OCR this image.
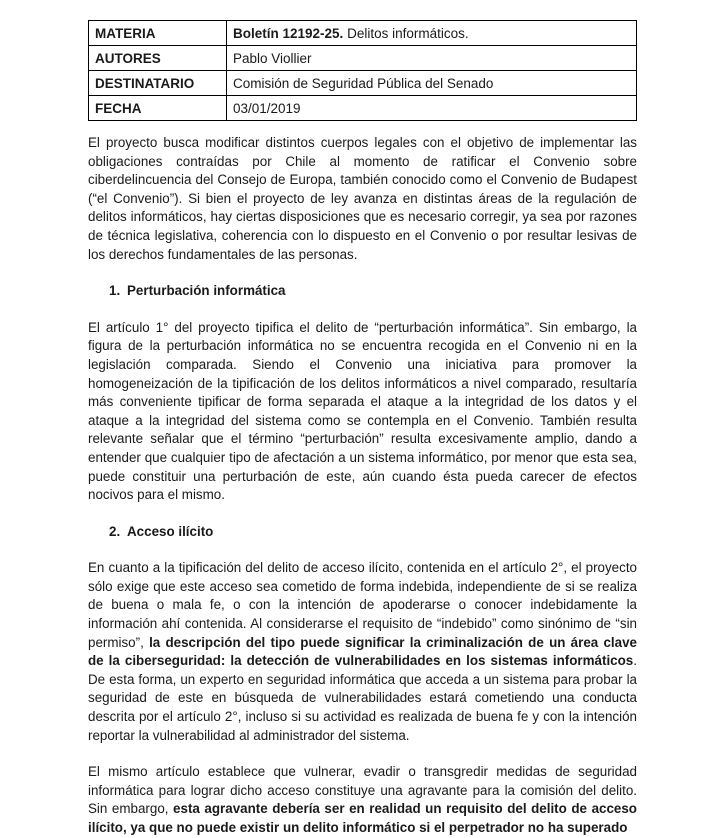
MATERIA	Boletín 12192-25. Delitos informáticos.
AUTORES	Pablo Viollier
DESTINATARIO	Comisión de Seguridad Pública del Senado
FECHA	03/01/2019

El proyecto busca modificar distintos cuerpos legales con el objetivo de implementar las obligaciones contraídas por Chile al momento de ratificar el Convenio sobre ciberdelincuencia del Consejo de Europa, también conocido como el Convenio de Budapest (“el Convenio”). Si bien el proyecto de ley avanza en distintas áreas de la regulación de delitos informáticos, hay ciertas disposiciones que es necesario corregir, ya sea por razones de técnica legislativa, coherencia con lo dispuesto en el Convenio o por resultar lesivas de los derechos fundamentales de las personas.

1. Perturbación informática

El artículo 1° del proyecto tipifica el delito de “perturbación informática”. Sin embargo, la figura de la perturbación informática no se encuentra recogida en el Convenio ni en la legislación comparada. Siendo el Convenio una iniciativa para promover la homogeneización de la tipificación de los delitos informáticos a nivel comparado, resultaría más conveniente tipificar de forma separada el ataque a la integridad de los datos y el ataque a la integridad del sistema como se contempla en el Convenio. También resulta relevante señalar que el término “perturbación” resulta excesivamente amplio, dando a entender que cualquier tipo de afectación a un sistema informático, por menor que esta sea, puede constituir una perturbación de este, aún cuando ésta pueda carecer de efectos nocivos para el mismo.

2. Acceso ilícito

En cuanto a la tipificación del delito de acceso ilícito, contenida en el artículo 2°, el proyecto sólo exige que este acceso sea cometido de forma indebida, independiente de si se realiza de buena o mala fe, o con la intención de apoderarse o conocer indebidamente la información ahí contenida. Al considerarse el requisito de “indebido” como sinónimo de “sin permiso”, la descripción del tipo puede significar la criminalización de un área clave de la ciberseguridad: la detección de vulnerabilidades en los sistemas informáticos. De esta forma, un experto en seguridad informática que acceda a un sistema para probar la seguridad de este en búsqueda de vulnerabilidades estará cometiendo una conducta descrita por el artículo 2°, incluso si su actividad es realizada de buena fe y con la intención reportar la vulnerabilidad al administrador del sistema.

El mismo artículo establece que vulnerar, evadir o transgredir medidas de seguridad informática para lograr dicho acceso constituye una agravante para la comisión del delito. Sin embargo, esta agravante debería ser en realidad un requisito del delito de acceso ilícito, ya que no puede existir un delito informático si el perpetrador no ha superado
